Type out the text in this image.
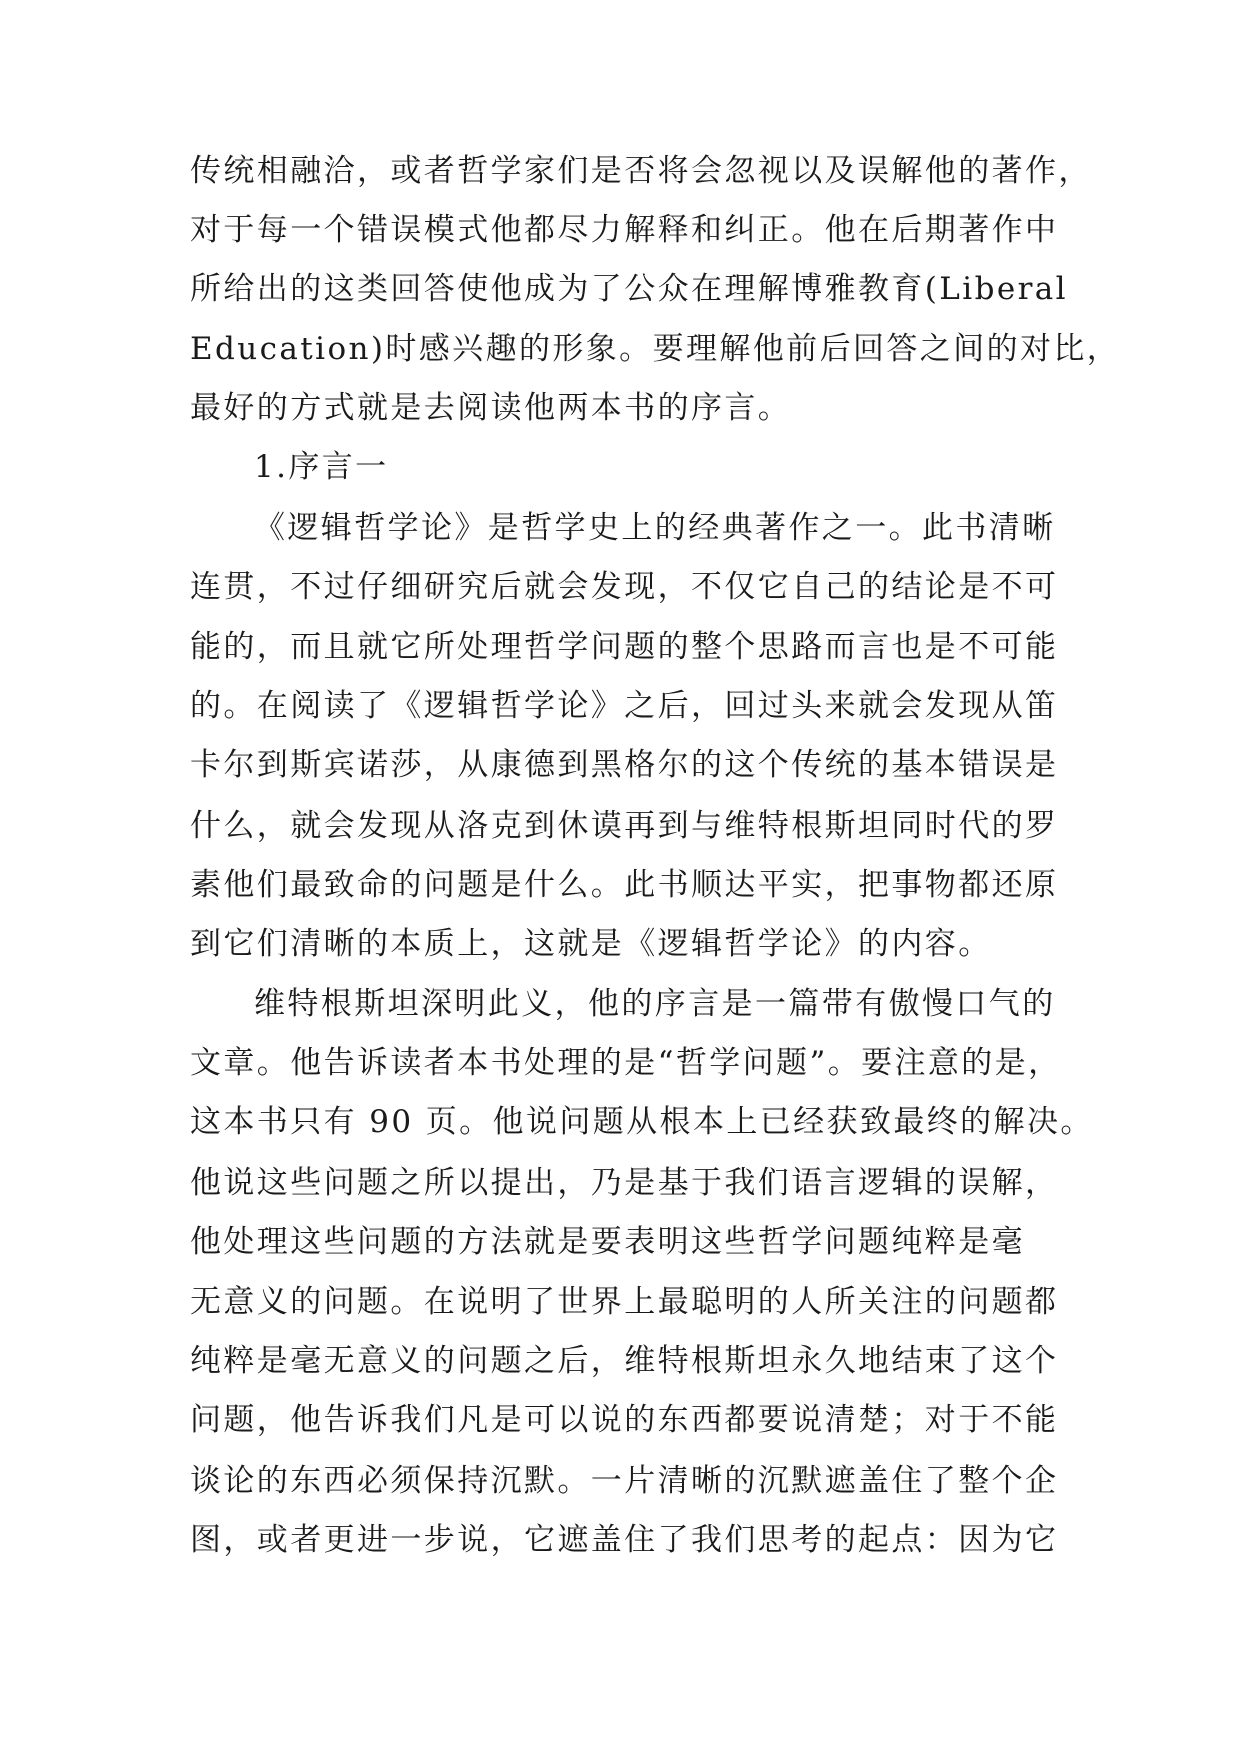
传统相融洽，或者哲学家们是否将会忽视以及误解他的著作，
对于每一个错误模式他都尽力解释和纠正。他在后期著作中
所给出的这类回答使他成为了公众在理解博雅教育(Liberal
Education)时感兴趣的形象。要理解他前后回答之间的对比，
最好的方式就是去阅读他两本书的序言。
1.序言一
《逻辑哲学论》是哲学史上的经典著作之一。此书清晰
连贯，不过仔细研究后就会发现，不仅它自己的结论是不可
能的，而且就它所处理哲学问题的整个思路而言也是不可能
的。在阅读了《逻辑哲学论》之后，回过头来就会发现从笛
卡尔到斯宾诺莎，从康德到黑格尔的这个传统的基本错误是
什么，就会发现从洛克到休谟再到与维特根斯坦同时代的罗
素他们最致命的问题是什么。此书顺达平实，把事物都还原
到它们清晰的本质上，这就是《逻辑哲学论》的内容。
维特根斯坦深明此义，他的序言是一篇带有傲慢口气的
文章。他告诉读者本书处理的是“哲学问题”。要注意的是，
这本书只有 90 页。他说问题从根本上已经获致最终的解决。
他说这些问题之所以提出，乃是基于我们语言逻辑的误解，
他处理这些问题的方法就是要表明这些哲学问题纯粹是毫
无意义的问题。在说明了世界上最聪明的人所关注的问题都
纯粹是毫无意义的问题之后，维特根斯坦永久地结束了这个
问题，他告诉我们凡是可以说的东西都要说清楚；对于不能
谈论的东西必须保持沉默。一片清晰的沉默遮盖住了整个企
图，或者更进一步说，它遮盖住了我们思考的起点：因为它
